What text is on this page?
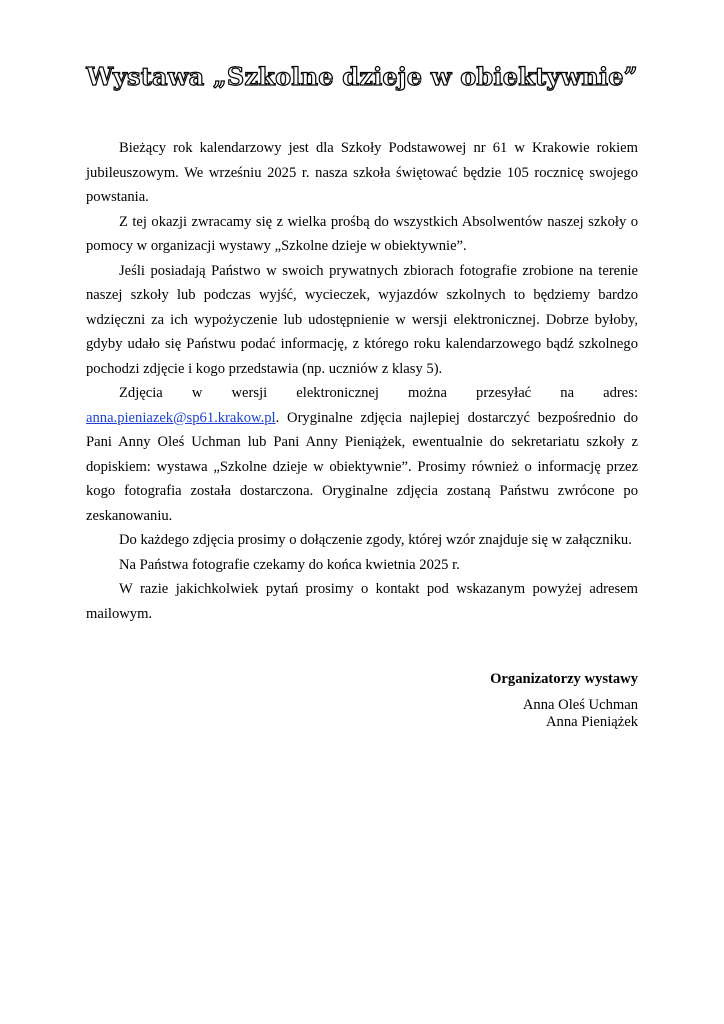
Wystawa „Szkolne dzieje w obiektywnie”

Bieżący rok kalendarzowy jest dla Szkoły Podstawowej nr 61 w Krakowie rokiem jubileuszowym. We wrześniu 2025 r. nasza szkoła świętować będzie 105 rocznicę swojego powstania.

Z tej okazji zwracamy się z wielka prośbą do wszystkich Absolwentów naszej szkoły o pomocy w organizacji wystawy „Szkolne dzieje w obiektywnie”.

Jeśli posiadają Państwo w swoich prywatnych zbiorach fotografie zrobione na terenie naszej szkoły lub podczas wyjść, wycieczek, wyjazdów szkolnych to będziemy bardzo wdzięczni za ich wypożyczenie lub udostępnienie w wersji elektronicznej. Dobrze byłoby, gdyby udało się Państwu podać informację, z którego roku kalendarzowego bądź szkolnego pochodzi zdjęcie i kogo przedstawia (np. uczniów z klasy 5).

Zdjęcia w wersji elektronicznej można przesyłać na adres: anna.pieniazek@sp61.krakow.pl. Oryginalne zdjęcia najlepiej dostarczyć bezpośrednio do Pani Anny Oleś Uchman lub Pani Anny Pieniążek, ewentualnie do sekretariatu szkoły z dopiskiem: wystawa „Szkolne dzieje w obiektywnie”. Prosimy również o informację przez kogo fotografia została dostarczona. Oryginalne zdjęcia zostaną Państwu zwrócone po zeskanowaniu.

Do każdego zdjęcia prosimy o dołączenie zgody, której wzór znajduje się w załączniku.

Na Państwa fotografie czekamy do końca kwietnia 2025 r.

W razie jakichkolwiek pytań prosimy o kontakt pod wskazanym powyżej adresem mailowym.

Organizatorzy wystawy
Anna Oleś Uchman
Anna Pieniążek
